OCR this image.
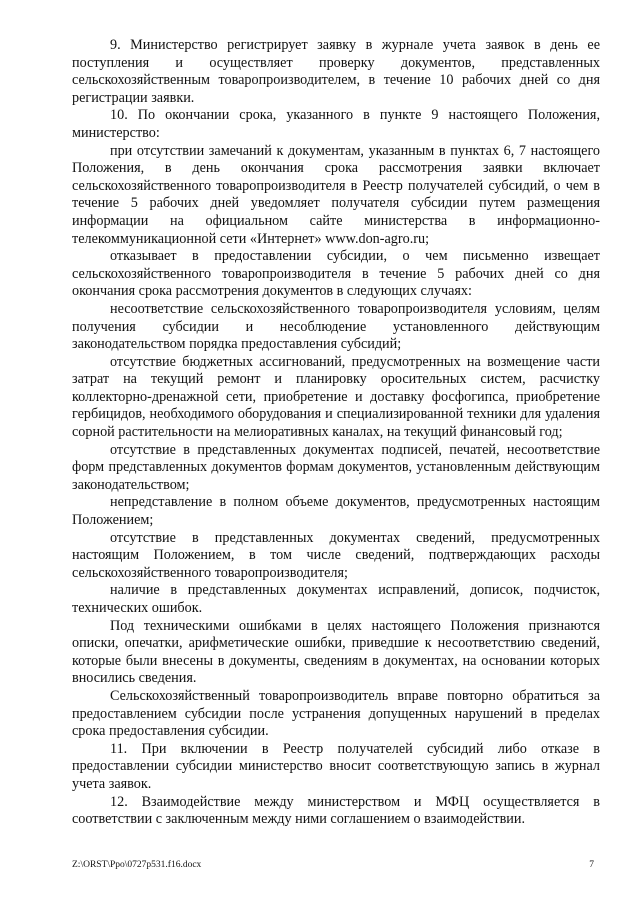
9. Министерство регистрирует заявку в журнале учета заявок в день ее поступления и осуществляет проверку документов, представленных сельскохозяйственным товаропроизводителем, в течение 10 рабочих дней со дня регистрации заявки.

10. По окончании срока, указанного в пункте 9 настоящего Положения, министерство:

при отсутствии замечаний к документам, указанным в пунктах 6, 7 настоящего Положения, в день окончания срока рассмотрения заявки включает сельскохозяйственного товаропроизводителя в Реестр получателей субсидий, о чем в течение 5 рабочих дней уведомляет получателя субсидии путем размещения информации на официальном сайте министерства в информационно-телекоммуникационной сети «Интернет» www.don-agro.ru;

отказывает в предоставлении субсидии, о чем письменно извещает сельскохозяйственного товаропроизводителя в течение 5 рабочих дней со дня окончания срока рассмотрения документов в следующих случаях:

несоответствие сельскохозяйственного товаропроизводителя условиям, целям получения субсидии и несоблюдение установленного действующим законодательством порядка предоставления субсидий;

отсутствие бюджетных ассигнований, предусмотренных на возмещение части затрат на текущий ремонт и планировку оросительных систем, расчистку коллекторно-дренажной сети, приобретение и доставку фосфогипса, приобретение гербицидов, необходимого оборудования и специализированной техники для удаления сорной растительности на мелиоративных каналах, на текущий финансовый год;

отсутствие в представленных документах подписей, печатей, несоответствие форм представленных документов формам документов, установленным действующим законодательством;

непредставление в полном объеме документов, предусмотренных настоящим Положением;

отсутствие в представленных документах сведений, предусмотренных настоящим Положением, в том числе сведений, подтверждающих расходы сельскохозяйственного товаропроизводителя;

наличие в представленных документах исправлений, дописок, подчисток, технических ошибок.

Под техническими ошибками в целях настоящего Положения признаются описки, опечатки, арифметические ошибки, приведшие к несоответствию сведений, которые были внесены в документы, сведениям в документах, на основании которых вносились сведения.

Сельскохозяйственный товаропроизводитель вправе повторно обратиться за предоставлением субсидии после устранения допущенных нарушений в пределах срока предоставления субсидии.

11. При включении в Реестр получателей субсидий либо отказе в предоставлении субсидии министерство вносит соответствующую запись в журнал учета заявок.

12. Взаимодействие между министерством и МФЦ осуществляется в соответствии с заключенным между ними соглашением о взаимодействии.

Z:\ORST\Ppo\0727p531.f16.docx	7
